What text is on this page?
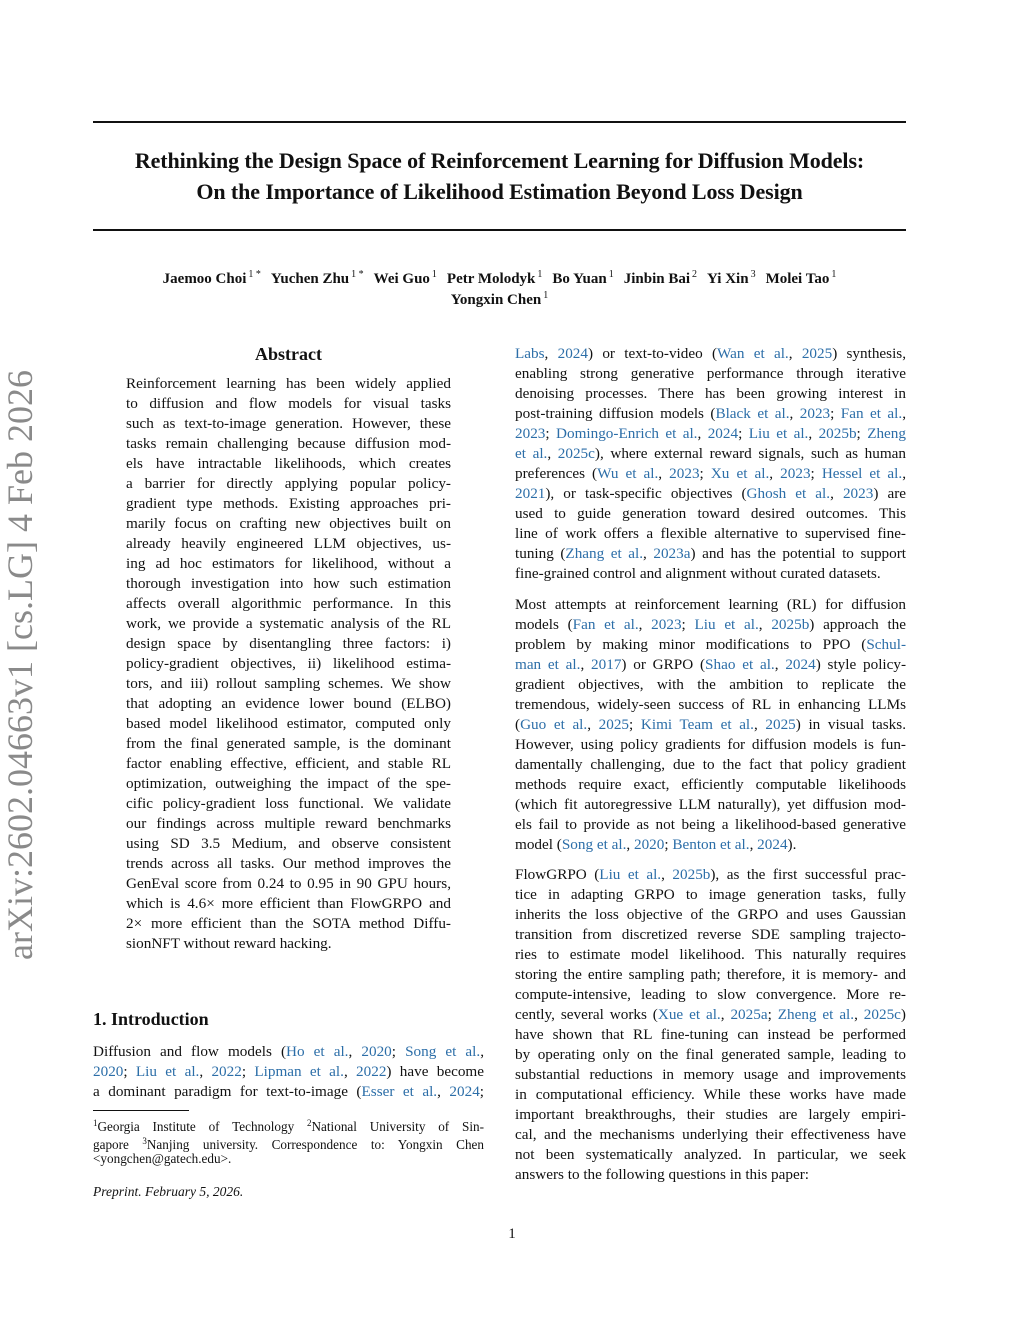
Rethinking the Design Space of Reinforcement Learning for Diffusion Models:
On the Importance of Likelihood Estimation Beyond Loss Design
Jaemoo Choi $^{1 *}$ Yuchen Zhu $^{1 *}$ Wei Guo $^1$ Petr Molodyk $^1$ Bo Yuan $^1$ Jinbin Bai $^2$ Yi Xin $^3$ Molei Tao $^1$
Yongxin Chen $^1$
arXiv:2602.04663v1
[cs.LG]
4 Feb 2026
Abstract
Reinforcement learning has been widely applied
to diffusion and flow models for visual tasks
such as text-to-image generation. However, these
tasks remain challenging because diffusion mod-
els have intractable likelihoods, which creates
a barrier for directly applying popular policy-
gradient type methods. Existing approaches pri-
marily focus on crafting new objectives built on
already heavily engineered LLM objectives, us-
ing ad hoc estimators for likelihood, without a
thorough investigation into how such estimation
affects overall algorithmic performance. In this
work, we provide a systematic analysis of the RL
design space by disentangling three factors: i)
policy-gradient objectives, ii) likelihood estima-
tors, and iii) rollout sampling schemes. We show
that adopting an evidence lower bound (ELBO)
based model likelihood estimator, computed only
from the final generated sample, is the dominant
factor enabling effective, efficient, and stable RL
optimization, outweighing the impact of the spe-
cific policy-gradient loss functional. We validate
our findings across multiple reward benchmarks
using SD 3.5 Medium, and observe consistent
trends across all tasks. Our method improves the
GenEval score from 0.24 to 0.95 in 90 GPU hours,
which is 4.6× more efficient than FlowGRPO and
2× more efficient than the SOTA method Diffu-
sionNFT without reward hacking.
1. Introduction
Diffusion and flow models (Ho et al., 2020; Song et al.,
2020; Liu et al., 2022; Lipman et al., 2022) have become
a dominant paradigm for text-to-image (Esser et al., 2024;
$^1$Georgia Institute of Technology $^2$National University of Sin-
gapore $^3$Nanjing university. Correspondence to: Yongxin Chen
<yongchen@gatech.edu>.
Preprint. February 5, 2026.
Labs, 2024) or text-to-video (Wan et al., 2025) synthesis,
enabling strong generative performance through iterative
denoising processes. There has been growing interest in
post-training diffusion models (Black et al., 2023; Fan et al.,
2023; Domingo-Enrich et al., 2024; Liu et al., 2025b; Zheng
et al., 2025c), where external reward signals, such as human
preferences (Wu et al., 2023; Xu et al., 2023; Hessel et al.,
2021), or task-specific objectives (Ghosh et al., 2023) are
used to guide generation toward desired outcomes. This
line of work offers a flexible alternative to supervised fine-
tuning (Zhang et al., 2023a) and has the potential to support
fine-grained control and alignment without curated datasets.
Most attempts at reinforcement learning (RL) for diffusion
models (Fan et al., 2023; Liu et al., 2025b) approach the
problem by making minor modifications to PPO (Schul-
man et al., 2017) or GRPO (Shao et al., 2024) style policy-
gradient objectives, with the ambition to replicate the
tremendous, widely-seen success of RL in enhancing LLMs
(Guo et al., 2025; Kimi Team et al., 2025) in visual tasks.
However, using policy gradients for diffusion models is fun-
damentally challenging, due to the fact that policy gradient
methods require exact, efficiently computable likelihoods
(which fit autoregressive LLM naturally), yet diffusion mod-
els fail to provide as not being a likelihood-based generative
model (Song et al., 2020; Benton et al., 2024).
FlowGRPO (Liu et al., 2025b), as the first successful prac-
tice in adapting GRPO to image generation tasks, fully
inherits the loss objective of the GRPO and uses Gaussian
transition from discretized reverse SDE sampling trajecto-
ries to estimate model likelihood. This naturally requires
storing the entire sampling path; therefore, it is memory- and
compute-intensive, leading to slow convergence. More re-
cently, several works (Xue et al., 2025a; Zheng et al., 2025c)
have shown that RL fine-tuning can instead be performed
by operating only on the final generated sample, leading to
substantial reductions in memory usage and improvements
in computational efficiency. While these works have made
important breakthroughs, their studies are largely empiri-
cal, and the mechanisms underlying their effectiveness have
not been systematically analyzed. In particular, we seek
answers to the following questions in this paper:
1
